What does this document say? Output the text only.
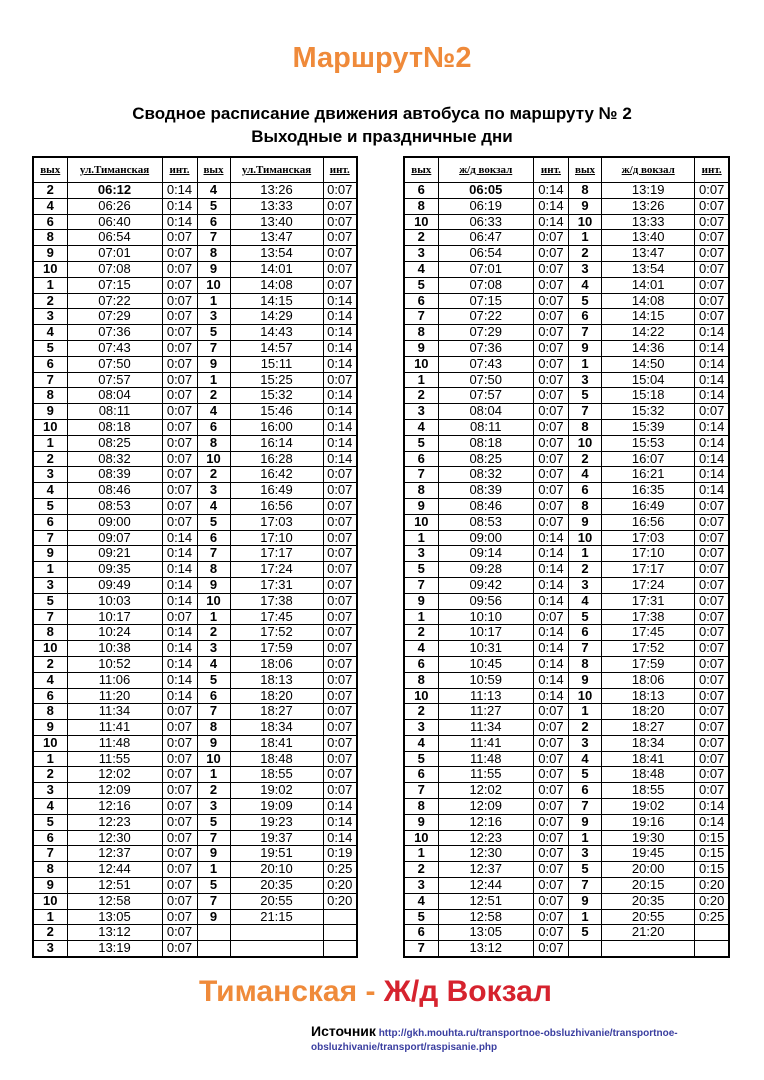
Маршрут№2
Сводное расписание движения автобуса по маршруту № 2
Выходные и праздничные дни
вых	ул.Тиманская	инт.	вых	ул.Тиманская	инт.
2	06:12	0:14	4	13:26	0:07
4	06:26	0:14	5	13:33	0:07
6	06:40	0:14	6	13:40	0:07
8	06:54	0:07	7	13:47	0:07
9	07:01	0:07	8	13:54	0:07
10	07:08	0:07	9	14:01	0:07
1	07:15	0:07	10	14:08	0:07
2	07:22	0:07	1	14:15	0:14
3	07:29	0:07	3	14:29	0:14
4	07:36	0:07	5	14:43	0:14
5	07:43	0:07	7	14:57	0:14
6	07:50	0:07	9	15:11	0:14
7	07:57	0:07	1	15:25	0:07
8	08:04	0:07	2	15:32	0:14
9	08:11	0:07	4	15:46	0:14
10	08:18	0:07	6	16:00	0:14
1	08:25	0:07	8	16:14	0:14
2	08:32	0:07	10	16:28	0:14
3	08:39	0:07	2	16:42	0:07
4	08:46	0:07	3	16:49	0:07
5	08:53	0:07	4	16:56	0:07
6	09:00	0:07	5	17:03	0:07
7	09:07	0:14	6	17:10	0:07
9	09:21	0:14	7	17:17	0:07
1	09:35	0:14	8	17:24	0:07
3	09:49	0:14	9	17:31	0:07
5	10:03	0:14	10	17:38	0:07
7	10:17	0:07	1	17:45	0:07
8	10:24	0:14	2	17:52	0:07
10	10:38	0:14	3	17:59	0:07
2	10:52	0:14	4	18:06	0:07
4	11:06	0:14	5	18:13	0:07
6	11:20	0:14	6	18:20	0:07
8	11:34	0:07	7	18:27	0:07
9	11:41	0:07	8	18:34	0:07
10	11:48	0:07	9	18:41	0:07
1	11:55	0:07	10	18:48	0:07
2	12:02	0:07	1	18:55	0:07
3	12:09	0:07	2	19:02	0:07
4	12:16	0:07	3	19:09	0:14
5	12:23	0:07	5	19:23	0:14
6	12:30	0:07	7	19:37	0:14
7	12:37	0:07	9	19:51	0:19
8	12:44	0:07	1	20:10	0:25
9	12:51	0:07	5	20:35	0:20
10	12:58	0:07	7	20:55	0:20
1	13:05	0:07	9	21:15	
2	13:12	0:07			
3	13:19	0:07			
вых	ж/д вокзал	инт.	вых	ж/д вокзал	инт.
6	06:05	0:14	8	13:19	0:07
8	06:19	0:14	9	13:26	0:07
10	06:33	0:14	10	13:33	0:07
2	06:47	0:07	1	13:40	0:07
3	06:54	0:07	2	13:47	0:07
4	07:01	0:07	3	13:54	0:07
5	07:08	0:07	4	14:01	0:07
6	07:15	0:07	5	14:08	0:07
7	07:22	0:07	6	14:15	0:07
8	07:29	0:07	7	14:22	0:14
9	07:36	0:07	9	14:36	0:14
10	07:43	0:07	1	14:50	0:14
1	07:50	0:07	3	15:04	0:14
2	07:57	0:07	5	15:18	0:14
3	08:04	0:07	7	15:32	0:07
4	08:11	0:07	8	15:39	0:14
5	08:18	0:07	10	15:53	0:14
6	08:25	0:07	2	16:07	0:14
7	08:32	0:07	4	16:21	0:14
8	08:39	0:07	6	16:35	0:14
9	08:46	0:07	8	16:49	0:07
10	08:53	0:07	9	16:56	0:07
1	09:00	0:14	10	17:03	0:07
3	09:14	0:14	1	17:10	0:07
5	09:28	0:14	2	17:17	0:07
7	09:42	0:14	3	17:24	0:07
9	09:56	0:14	4	17:31	0:07
1	10:10	0:07	5	17:38	0:07
2	10:17	0:14	6	17:45	0:07
4	10:31	0:14	7	17:52	0:07
6	10:45	0:14	8	17:59	0:07
8	10:59	0:14	9	18:06	0:07
10	11:13	0:14	10	18:13	0:07
2	11:27	0:07	1	18:20	0:07
3	11:34	0:07	2	18:27	0:07
4	11:41	0:07	3	18:34	0:07
5	11:48	0:07	4	18:41	0:07
6	11:55	0:07	5	18:48	0:07
7	12:02	0:07	6	18:55	0:07
8	12:09	0:07	7	19:02	0:14
9	12:16	0:07	9	19:16	0:14
10	12:23	0:07	1	19:30	0:15
1	12:30	0:07	3	19:45	0:15
2	12:37	0:07	5	20:00	0:15
3	12:44	0:07	7	20:15	0:20
4	12:51	0:07	9	20:35	0:20
5	12:58	0:07	1	20:55	0:25
6	13:05	0:07	5	21:20	
7	13:12	0:07			
Тиманская - Ж/д Вокзал
Источник http://gkh.mouhta.ru/transportnoe-obsluzhivanie/transportnoe-obsluzhivanie/transport/raspisanie.php
